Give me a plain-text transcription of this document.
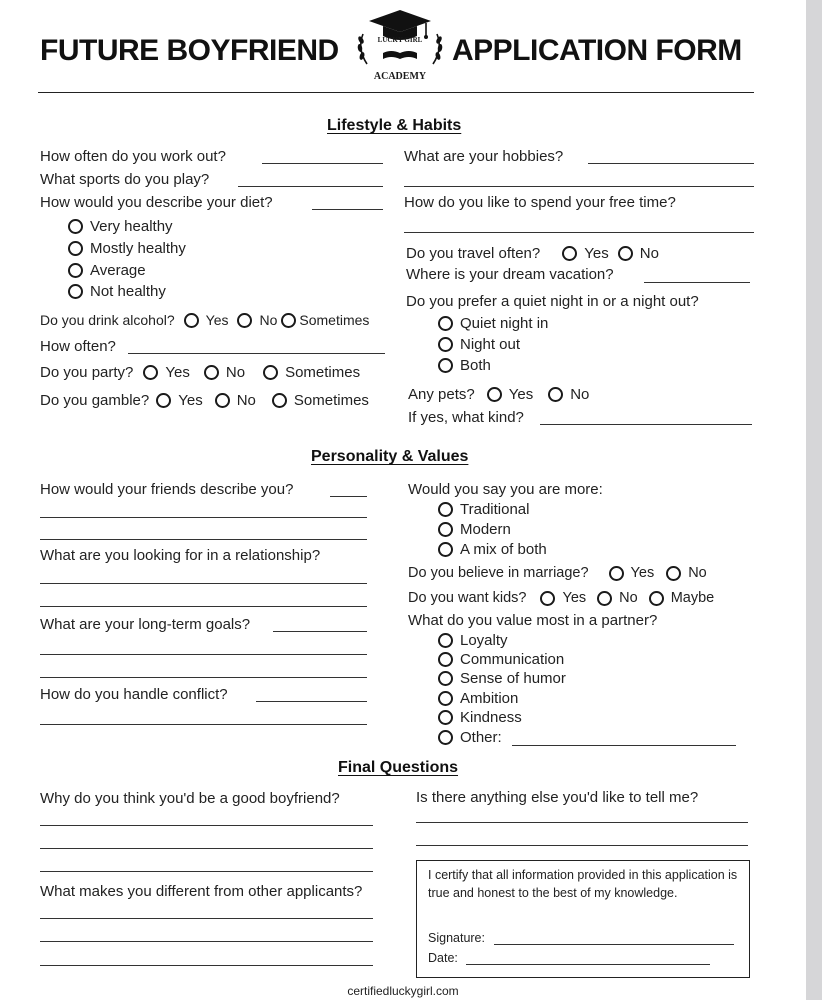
FUTURE BOYFRIEND	APPLICATION FORM
LUCKY GIRL
ACADEMY
Lifestyle & Habits
How often do you work out?
What sports do you play?
How would you describe your diet?
Very healthy
Mostly healthy
Average
Not healthy
Do you drink alcohol? Yes No Sometimes
How often?
Do you party? Yes No	Sometimes
Do you gamble? Yes No	Sometimes
What are your hobbies?
How do you like to spend your free time?
Do you travel often?	Yes No
Where is your dream vacation?
Do you prefer a quiet night in or a night out?
Quiet night in
Night out
Both
Any pets? Yes No
If yes, what kind?
Personality & Values
How would your friends describe you?
What are you looking for in a relationship?
What are your long-term goals?
How do you handle conflict?
Would you say you are more:
Traditional
Modern
A mix of both
Do you believe in marriage?	Yes No
Do you want kids? Yes No Maybe
What do you value most in a partner?
Loyalty
Communication
Sense of humor
Ambition
Kindness
Other:
Final Questions
Why do you think you'd be a good boyfriend?
What makes you different from other applicants?
Is there anything else you'd like to tell me?
I certify that all information provided in this application is true and honest to the best of my knowledge.
Signature:
Date:
certifiedluckygirl.com
